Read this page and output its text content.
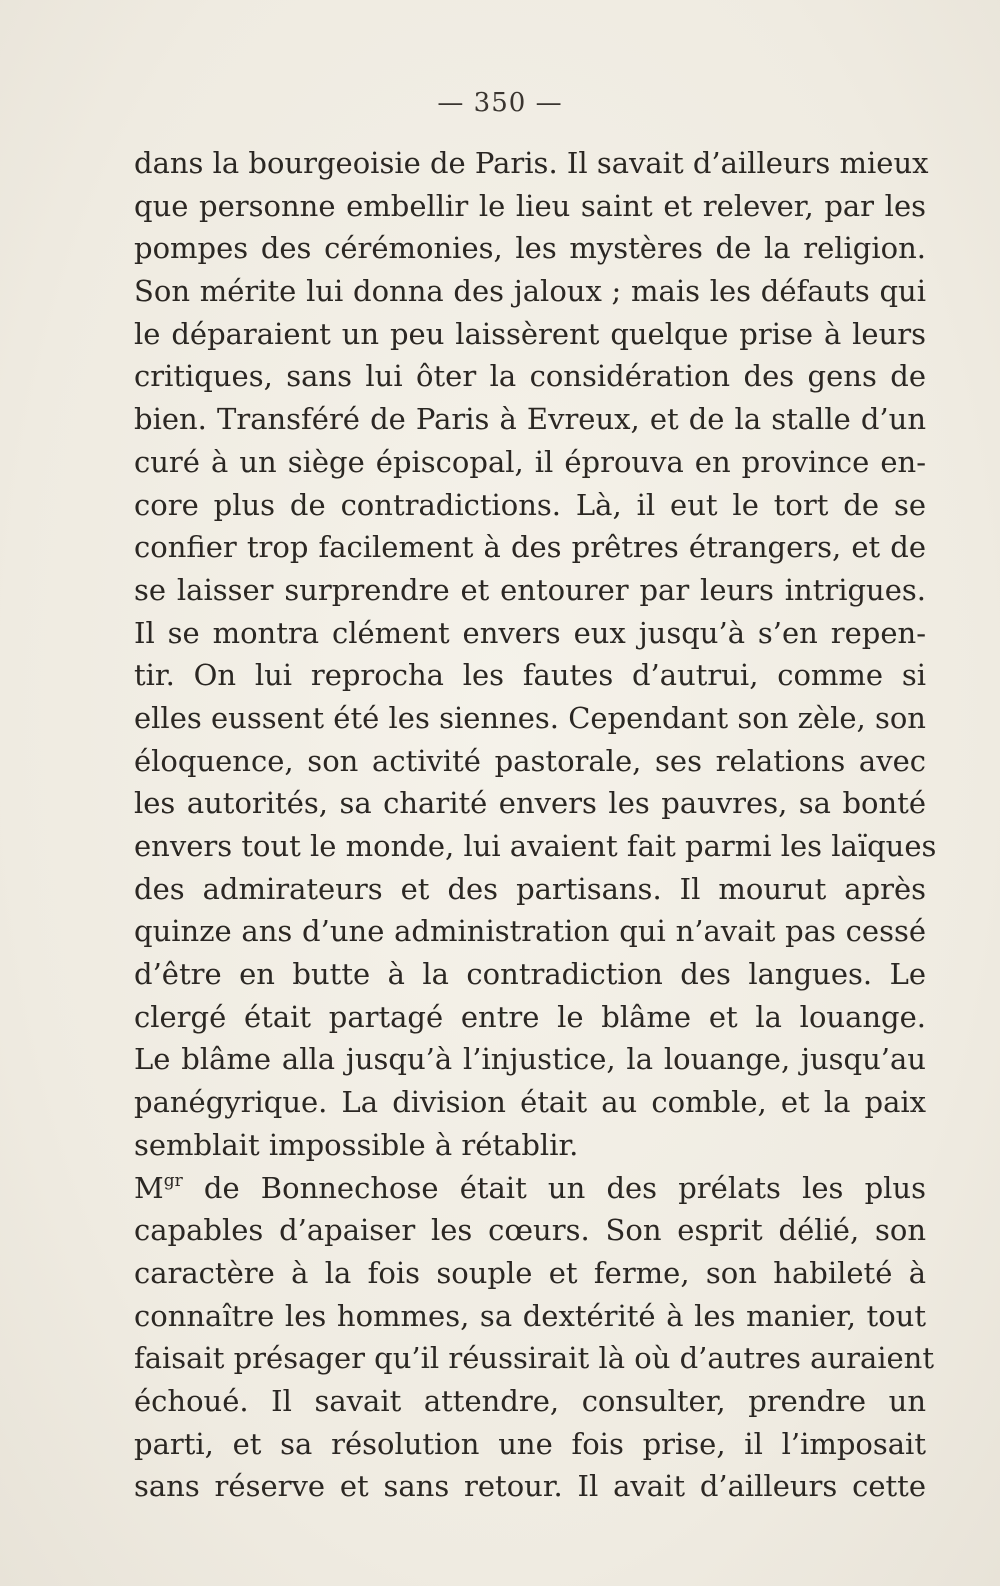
— 350 —
dans la bourgeoisie de Paris. Il savait d’ailleurs mieux
que personne embellir le lieu saint et relever, par les
pompes des cérémonies, les mystères de la religion.
Son mérite lui donna des jaloux ; mais les défauts qui
le déparaient un peu laissèrent quelque prise à leurs
critiques, sans lui ôter la considération des gens de
bien. Transféré de Paris à Evreux, et de la stalle d’un
curé à un siège épiscopal, il éprouva en province en-
core plus de contradictions. Là, il eut le tort de se
confier trop facilement à des prêtres étrangers, et de
se laisser surprendre et entourer par leurs intrigues.
Il se montra clément envers eux jusqu’à s’en repen-
tir. On lui reprocha les fautes d’autrui, comme si
elles eussent été les siennes. Cependant son zèle, son
éloquence, son activité pastorale, ses relations avec
les autorités, sa charité envers les pauvres, sa bonté
envers tout le monde, lui avaient fait parmi les laïques
des admirateurs et des partisans. Il mourut après
quinze ans d’une administration qui n’avait pas cessé
d’être en butte à la contradiction des langues. Le
clergé était partagé entre le blâme et la louange.
Le blâme alla jusqu’à l’injustice, la louange, jusqu’au
panégyrique. La division était au comble, et la paix
semblait impossible à rétablir.
$M^{gr}$ de Bonnechose était un des prélats les plus
capables d’apaiser les cœurs. Son esprit délié, son
caractère à la fois souple et ferme, son habileté à
connaître les hommes, sa dextérité à les manier, tout
faisait présager qu’il réussirait là où d’autres auraient
échoué. Il savait attendre, consulter, prendre un
parti, et sa résolution une fois prise, il l’imposait
sans réserve et sans retour. Il avait d’ailleurs cette
